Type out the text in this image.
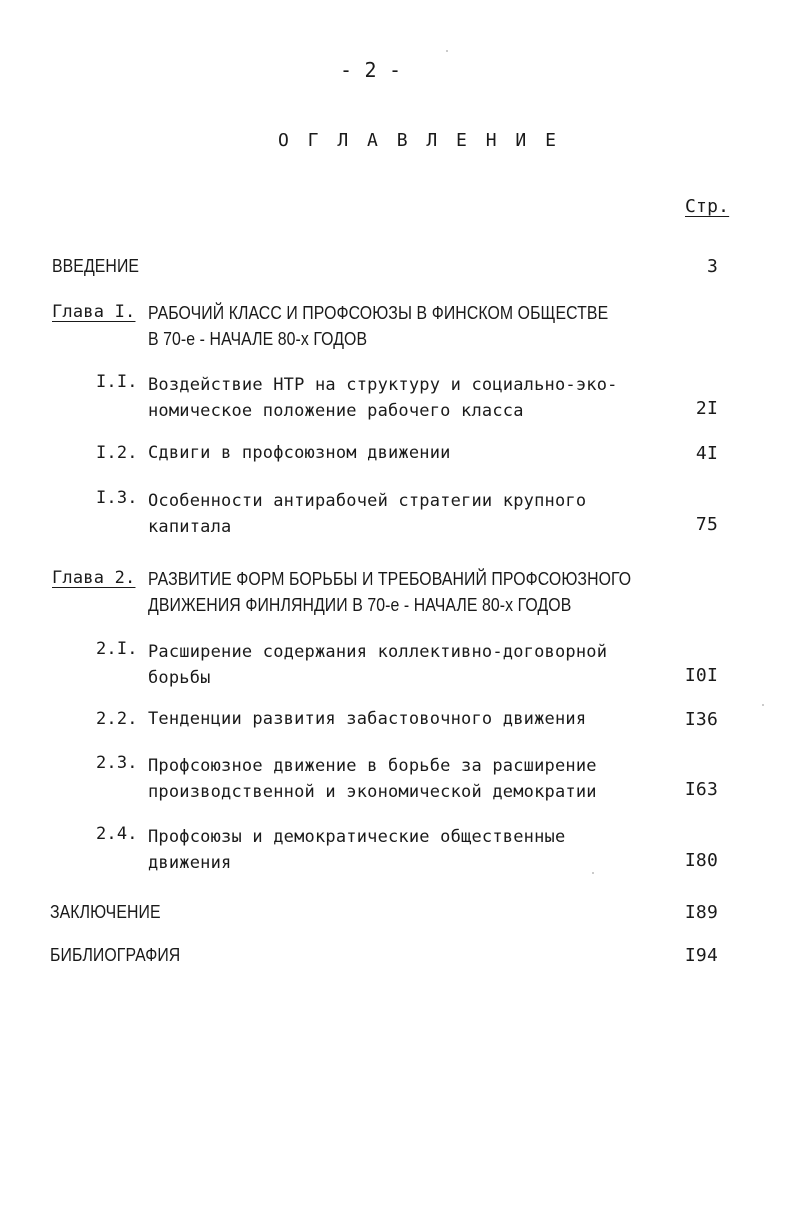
- 2 -
О Г Л А В Л Е Н И Е
Стр.
ВВЕДЕНИЕ	3
Глава I. РАБОЧИЙ КЛАСС И ПРОФСОЮЗЫ В ФИНСКОМ ОБЩЕСТВЕ
В 70-е - НАЧАЛЕ 80-х ГОДОВ
I.I. Воздействие НТР на структуру и социально-эко-
номическое положение рабочего класса	2I
I.2. Сдвиги в профсоюзном движении	4I
I.3. Особенности антирабочей стратегии крупного
капитала	75
Глава 2. РАЗВИТИЕ ФОРМ БОРЬБЫ И ТРЕБОВАНИЙ ПРОФСОЮЗНОГО
ДВИЖЕНИЯ ФИНЛЯНДИИ В 70-е - НАЧАЛЕ 80-х ГОДОВ
2.I. Расширение содержания коллективно-договорной
борьбы	I0I
2.2. Тенденции развития забастовочного движения	I36
2.3. Профсоюзное движение в борьбе за расширение
производственной и экономической демократии	I63
2.4. Профсоюзы и демократические общественные
движения	I80
ЗАКЛЮЧЕНИЕ	I89
БИБЛИОГРАФИЯ	I94
